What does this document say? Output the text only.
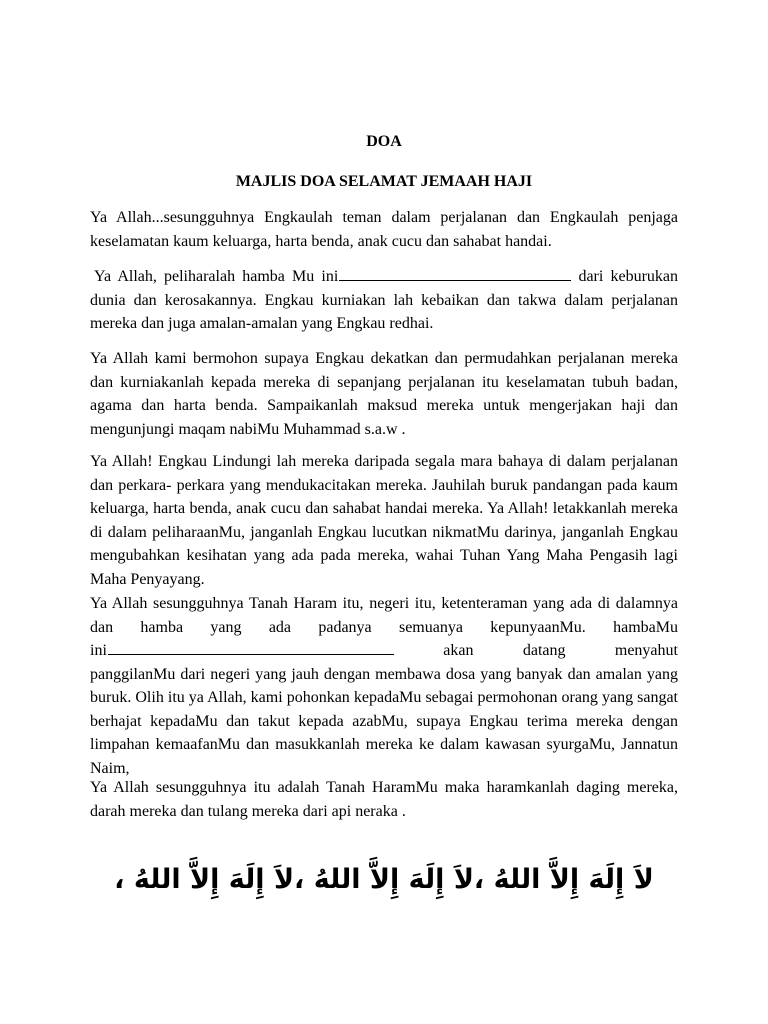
DOA

MAJLIS DOA SELAMAT JEMAAH HAJI

Ya Allah...sesungguhnya Engkaulah teman dalam perjalanan dan Engkaulah penjaga keselamatan kaum keluarga, harta benda, anak cucu dan sahabat handai.

Ya Allah, peliharalah hamba Mu ini	dari keburukan dunia dan kerosakannya. Engkau kurniakan lah kebaikan dan takwa dalam perjalanan mereka dan juga amalan-amalan yang Engkau redhai.

Ya Allah kami bermohon supaya Engkau dekatkan dan permudahkan perjalanan mereka dan kurniakanlah kepada mereka di sepanjang perjalanan itu keselamatan tubuh badan, agama dan harta benda. Sampaikanlah maksud mereka untuk mengerjakan haji dan mengunjungi maqam nabiMu Muhammad s.a.w .

Ya Allah! Engkau Lindungi lah mereka daripada segala mara bahaya di dalam perjalanan dan perkara- perkara yang mendukacitakan mereka. Jauhilah buruk pandangan pada kaum keluarga, harta benda, anak cucu dan sahabat handai mereka. Ya Allah! letakkanlah mereka di dalam peliharaanMu, janganlah Engkau lucutkan nikmatMu darinya, janganlah Engkau mengubahkan kesihatan yang ada pada mereka, wahai Tuhan Yang Maha Pengasih lagi Maha Penyayang.

Ya Allah sesungguhnya Tanah Haram itu, negeri itu, ketenteraman yang ada di dalamnya dan hamba yang ada padanya semuanya kepunyaanMu. hambaMu
ini	akan	datang	menyahut
panggilanMu dari negeri yang jauh dengan membawa dosa yang banyak dan amalan yang buruk. Olih itu ya Allah, kami pohonkan kepadaMu sebagai permohonan orang yang sangat berhajat kepadaMu dan takut kepada azabMu, supaya Engkau terima mereka dengan limpahan kemaafanMu dan masukkanlah mereka ke dalam kawasan syurgaMu, Jannatun Naim,

Ya Allah sesungguhnya itu adalah Tanah HaramMu maka haramkanlah daging mereka, darah mereka dan tulang mereka dari api neraka .

لاَ إِلَهَ إِلاَّ اللهُ ،لاَ إِلَهَ إِلاَّ اللهُ ،لاَ إِلَهَ إِلاَّ اللهُ ،
